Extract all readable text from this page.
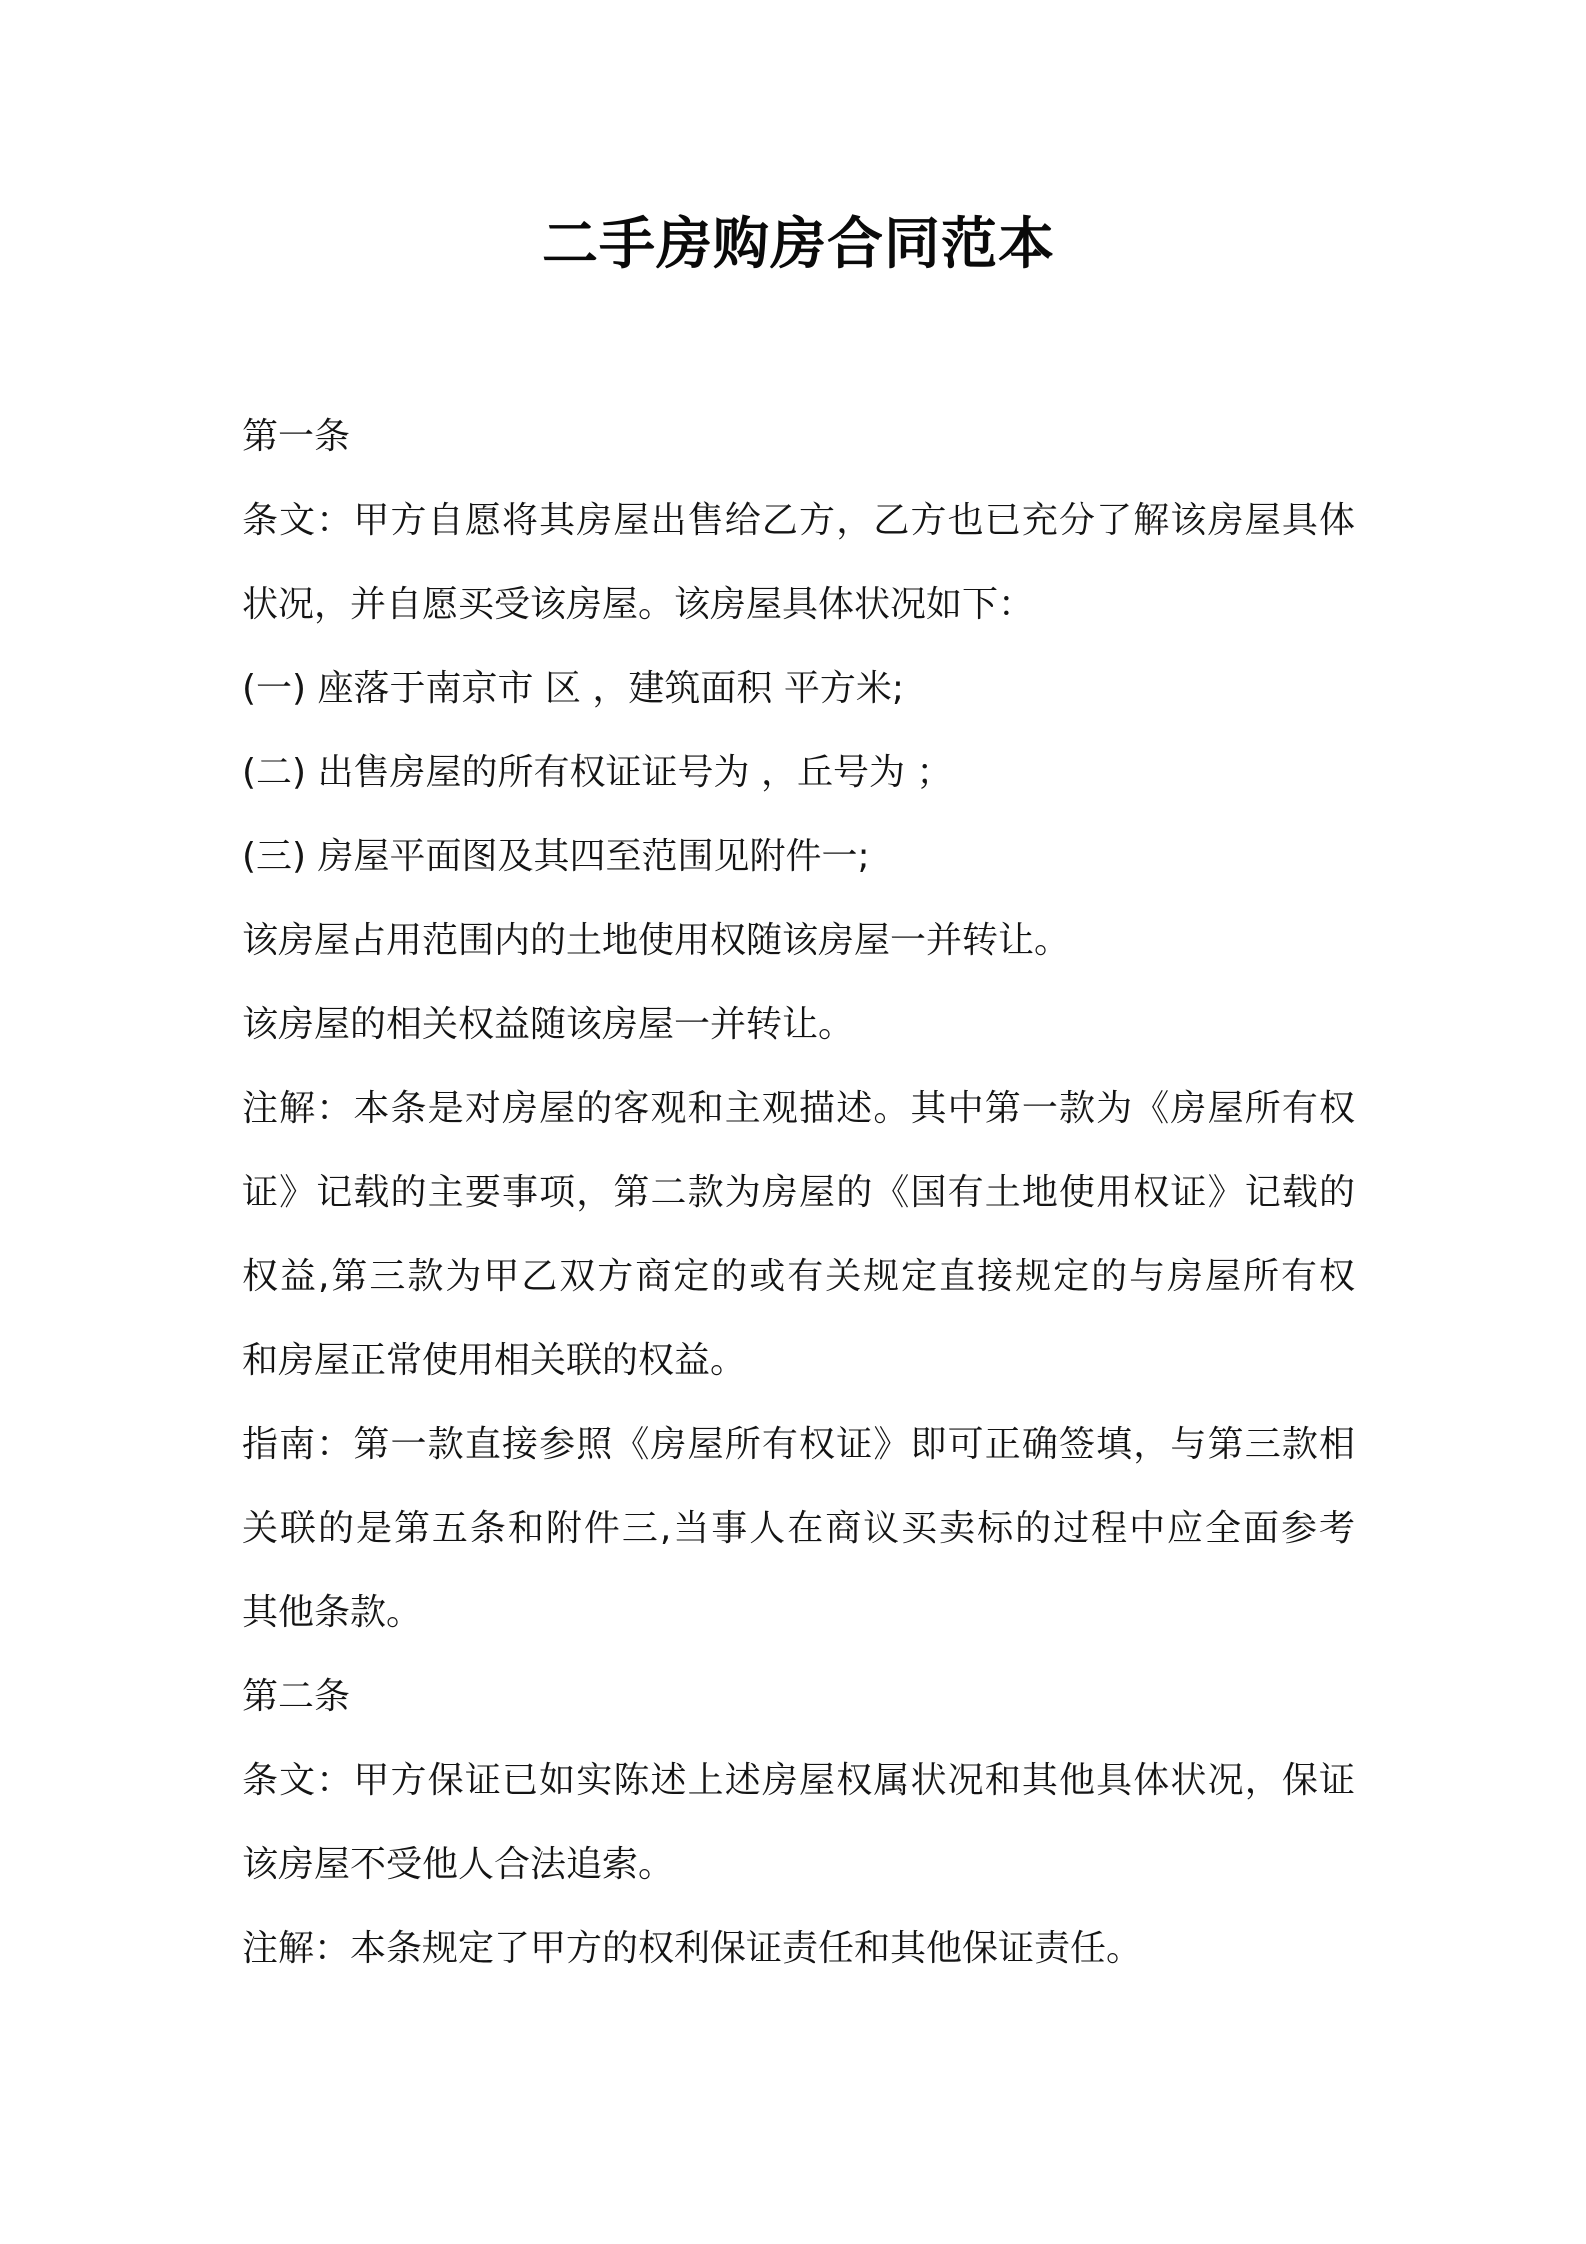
二手房购房合同范本
第一条
条文：甲方自愿将其房屋出售给乙方，乙方也已充分了解该房屋具体
状况，并自愿买受该房屋。该房屋具体状况如下：
(一) 座落于南京市 区 ，建筑面积 平方米;
(二) 出售房屋的所有权证证号为 ，丘号为 ；
(三) 房屋平面图及其四至范围见附件一;
该房屋占用范围内的土地使用权随该房屋一并转让。
该房屋的相关权益随该房屋一并转让。
注解：本条是对房屋的客观和主观描述。其中第一款为《房屋所有权
证》记载的主要事项，第二款为房屋的《国有土地使用权证》记载的
权益,第三款为甲乙双方商定的或有关规定直接规定的与房屋所有权
和房屋正常使用相关联的权益。
指南：第一款直接参照《房屋所有权证》即可正确签填，与第三款相
关联的是第五条和附件三,当事人在商议买卖标的过程中应全面参考
其他条款。
第二条
条文：甲方保证已如实陈述上述房屋权属状况和其他具体状况，保证
该房屋不受他人合法追索。
注解：本条规定了甲方的权利保证责任和其他保证责任。
